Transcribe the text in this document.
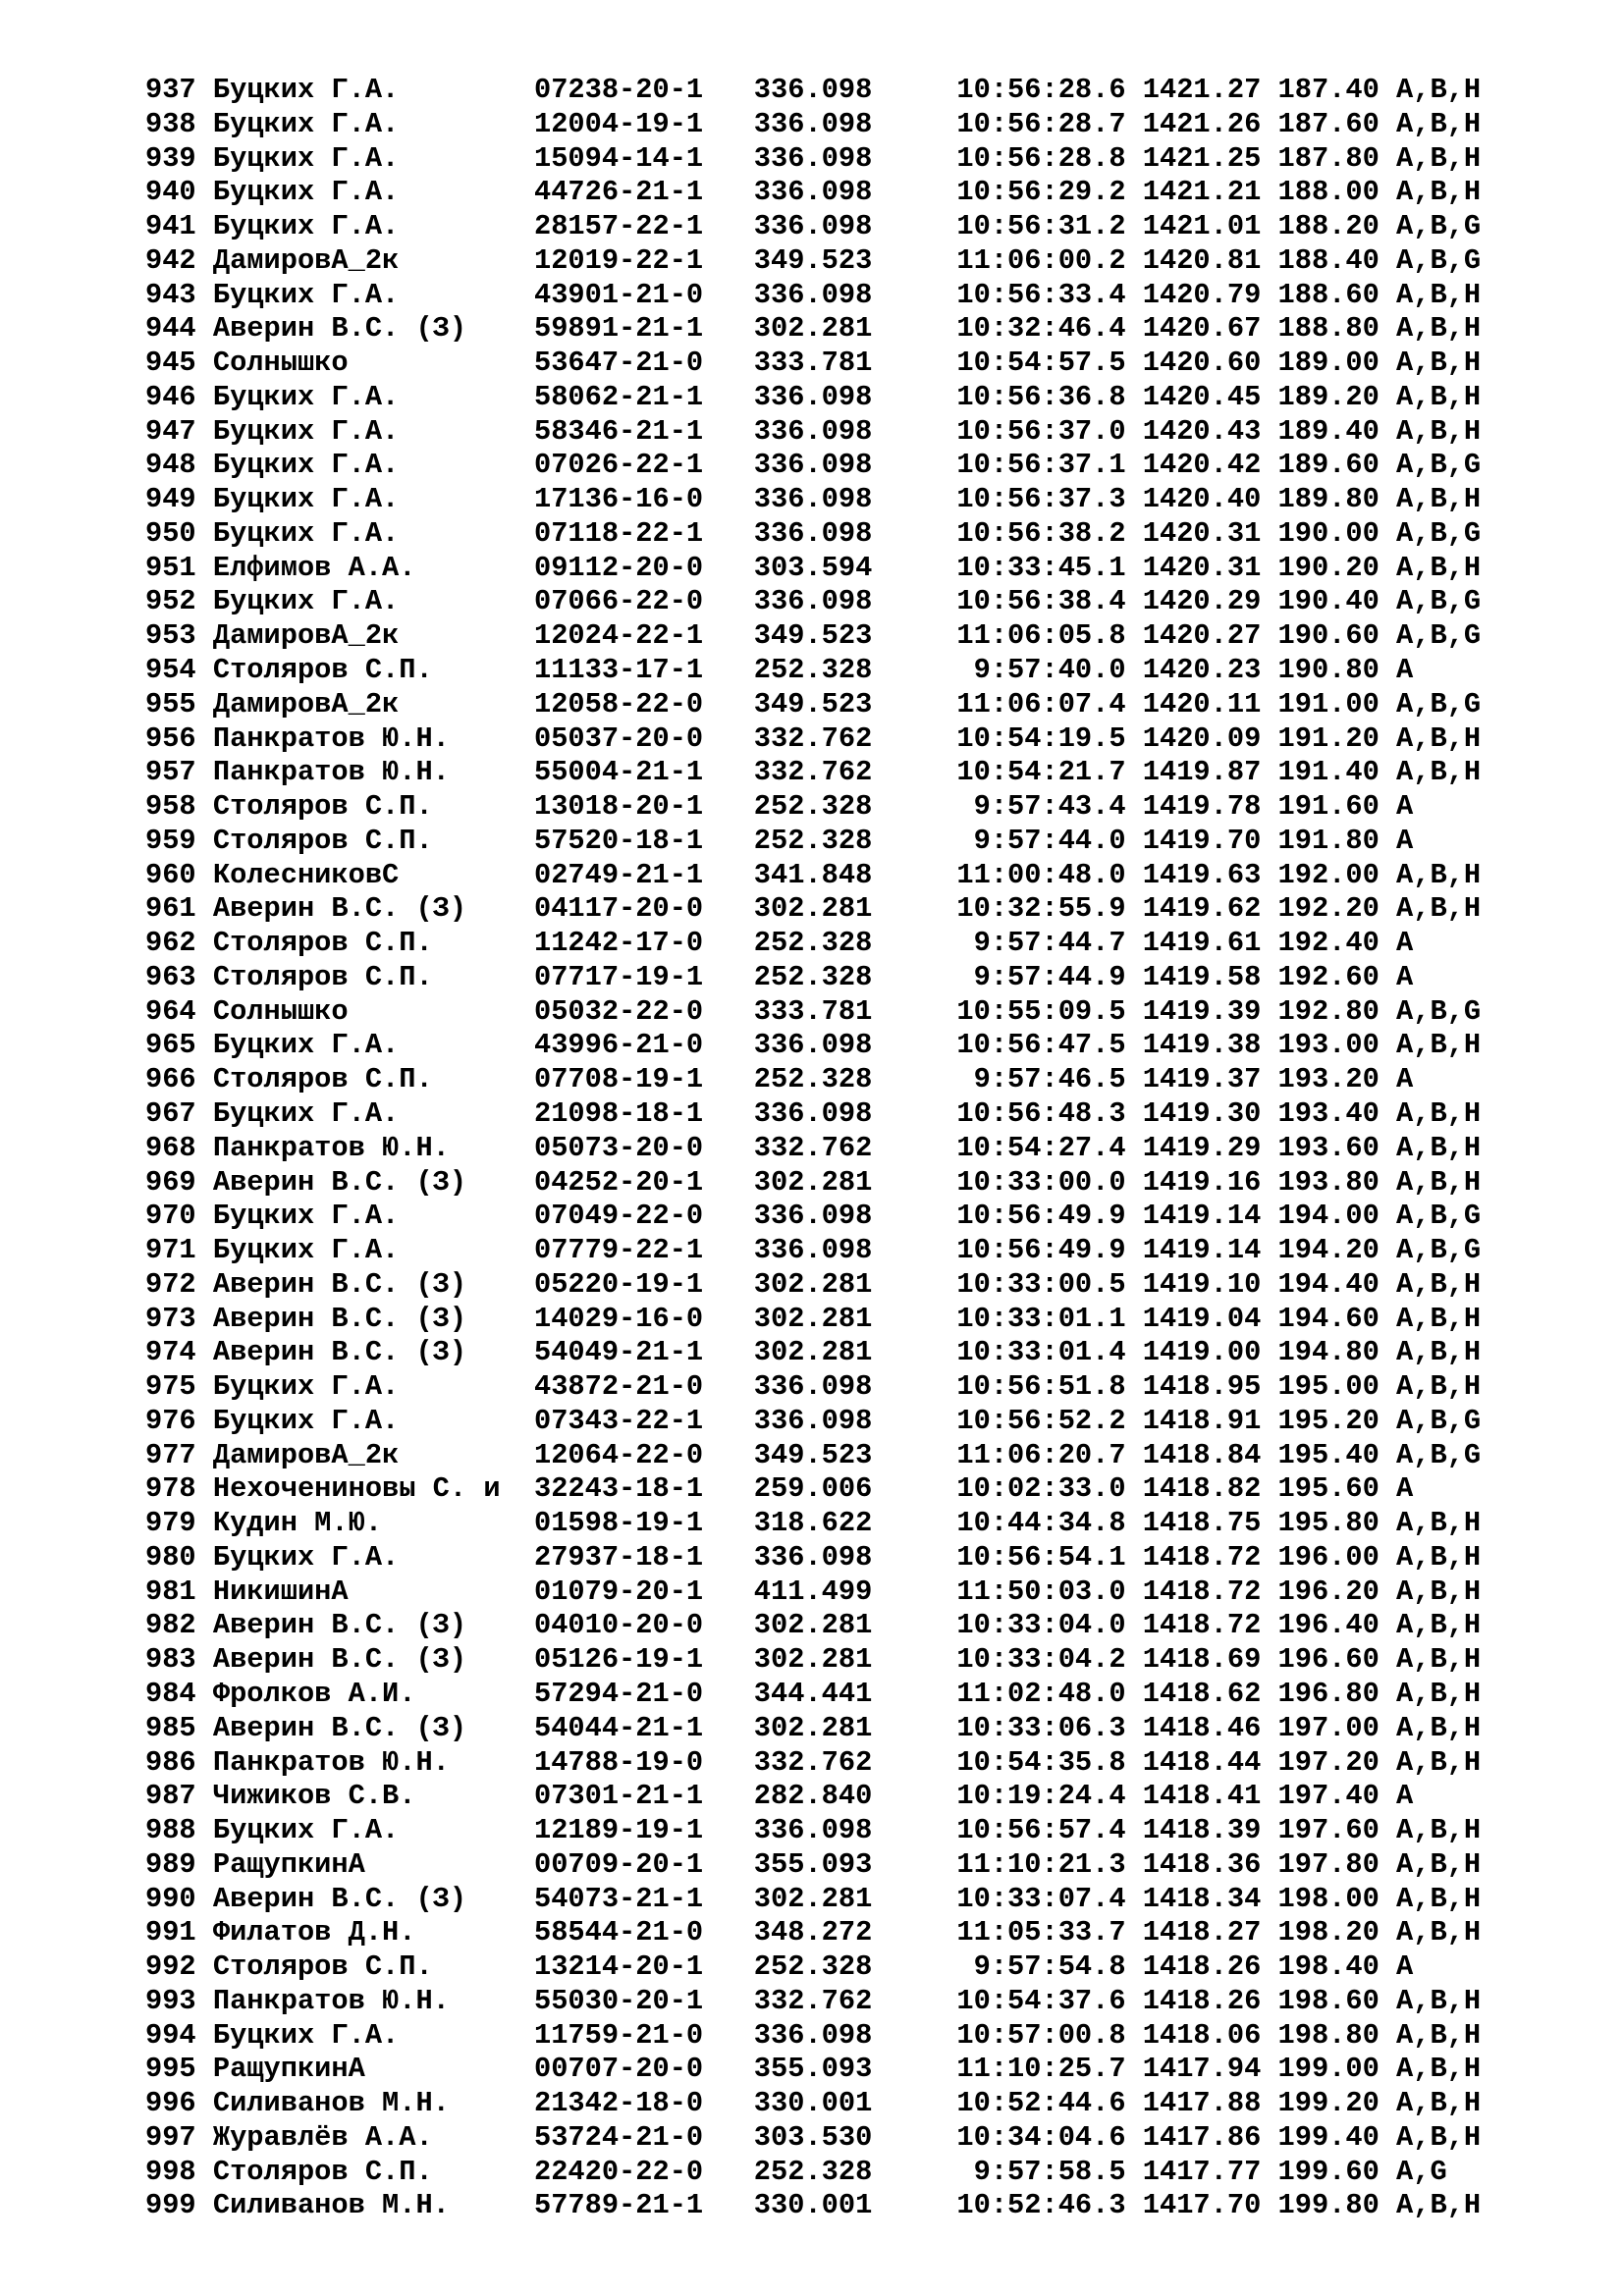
937 Буцких Г.А.        07238-20-1 336.098     10:56:28.6 1421.27 187.40 A,B,H
938 Буцких Г.А.        12004-19-1 336.098     10:56:28.7 1421.26 187.60 A,B,H
939 Буцких Г.А.        15094-14-1 336.098     10:56:28.8 1421.25 187.80 A,B,H
940 Буцких Г.А.        44726-21-1 336.098     10:56:29.2 1421.21 188.00 A,B,H
941 Буцких Г.А.        28157-22-1 336.098     10:56:31.2 1421.01 188.20 A,B,G
942 ДамировА_2к        12019-22-1 349.523     11:06:00.2 1420.81 188.40 A,B,G
943 Буцких Г.А.        43901-21-0 336.098     10:56:33.4 1420.79 188.60 A,B,H
944 Аверин В.С. (З)    59891-21-1 302.281     10:32:46.4 1420.67 188.80 A,B,H
945 Солнышко           53647-21-0 333.781     10:54:57.5 1420.60 189.00 A,B,H
946 Буцких Г.А.        58062-21-1 336.098     10:56:36.8 1420.45 189.20 A,B,H
947 Буцких Г.А.        58346-21-1 336.098     10:56:37.0 1420.43 189.40 A,B,H
948 Буцких Г.А.        07026-22-1 336.098     10:56:37.1 1420.42 189.60 A,B,G
949 Буцких Г.А.        17136-16-0 336.098     10:56:37.3 1420.40 189.80 A,B,H
950 Буцких Г.А.        07118-22-1 336.098     10:56:38.2 1420.31 190.00 A,B,G
951 Елфимов А.А.       09112-20-0 303.594     10:33:45.1 1420.31 190.20 A,B,H
952 Буцких Г.А.        07066-22-0 336.098     10:56:38.4 1420.29 190.40 A,B,G
953 ДамировА_2к        12024-22-1 349.523     11:06:05.8 1420.27 190.60 A,B,G
954 Столяров С.П.      11133-17-1 252.328      9:57:40.0 1420.23 190.80 A
955 ДамировА_2к        12058-22-0 349.523     11:06:07.4 1420.11 191.00 A,B,G
956 Панкратов Ю.Н.     05037-20-0 332.762     10:54:19.5 1420.09 191.20 A,B,H
957 Панкратов Ю.Н.     55004-21-1 332.762     10:54:21.7 1419.87 191.40 A,B,H
958 Столяров С.П.      13018-20-1 252.328      9:57:43.4 1419.78 191.60 A
959 Столяров С.П.      57520-18-1 252.328      9:57:44.0 1419.70 191.80 A
960 КолесниковС        02749-21-1 341.848     11:00:48.0 1419.63 192.00 A,B,H
961 Аверин В.С. (З)    04117-20-0 302.281     10:32:55.9 1419.62 192.20 A,B,H
962 Столяров С.П.      11242-17-0 252.328      9:57:44.7 1419.61 192.40 A
963 Столяров С.П.      07717-19-1 252.328      9:57:44.9 1419.58 192.60 A
964 Солнышко           05032-22-0 333.781     10:55:09.5 1419.39 192.80 A,B,G
965 Буцких Г.А.        43996-21-0 336.098     10:56:47.5 1419.38 193.00 A,B,H
966 Столяров С.П.      07708-19-1 252.328      9:57:46.5 1419.37 193.20 A
967 Буцких Г.А.        21098-18-1 336.098     10:56:48.3 1419.30 193.40 A,B,H
968 Панкратов Ю.Н.     05073-20-0 332.762     10:54:27.4 1419.29 193.60 A,B,H
969 Аверин В.С. (З)    04252-20-1 302.281     10:33:00.0 1419.16 193.80 A,B,H
970 Буцких Г.А.        07049-22-0 336.098     10:56:49.9 1419.14 194.00 A,B,G
971 Буцких Г.А.        07779-22-1 336.098     10:56:49.9 1419.14 194.20 A,B,G
972 Аверин В.С. (З)    05220-19-1 302.281     10:33:00.5 1419.10 194.40 A,B,H
973 Аверин В.С. (З)    14029-16-0 302.281     10:33:01.1 1419.04 194.60 A,B,H
974 Аверин В.С. (З)    54049-21-1 302.281     10:33:01.4 1419.00 194.80 A,B,H
975 Буцких Г.А.        43872-21-0 336.098     10:56:51.8 1418.95 195.00 A,B,H
976 Буцких Г.А.        07343-22-1 336.098     10:56:52.2 1418.91 195.20 A,B,G
977 ДамировА_2к        12064-22-0 349.523     11:06:20.7 1418.84 195.40 A,B,G
978 Нехочениновы С. и  32243-18-1 259.006     10:02:33.0 1418.82 195.60 A
979 Кудин М.Ю.         01598-19-1 318.622     10:44:34.8 1418.75 195.80 A,B,H
980 Буцких Г.А.        27937-18-1 336.098     10:56:54.1 1418.72 196.00 A,B,H
981 НикишинА           01079-20-1 411.499     11:50:03.0 1418.72 196.20 A,B,H
982 Аверин В.С. (З)    04010-20-0 302.281     10:33:04.0 1418.72 196.40 A,B,H
983 Аверин В.С. (З)    05126-19-1 302.281     10:33:04.2 1418.69 196.60 A,B,H
984 Фролков А.И.       57294-21-0 344.441     11:02:48.0 1418.62 196.80 A,B,H
985 Аверин В.С. (З)    54044-21-1 302.281     10:33:06.3 1418.46 197.00 A,B,H
986 Панкратов Ю.Н.     14788-19-0 332.762     10:54:35.8 1418.44 197.20 A,B,H
987 Чижиков С.В.       07301-21-1 282.840     10:19:24.4 1418.41 197.40 A
988 Буцких Г.А.        12189-19-1 336.098     10:56:57.4 1418.39 197.60 A,B,H
989 РащупкинА          00709-20-1 355.093     11:10:21.3 1418.36 197.80 A,B,H
990 Аверин В.С. (З)    54073-21-1 302.281     10:33:07.4 1418.34 198.00 A,B,H
991 Филатов Д.Н.       58544-21-0 348.272     11:05:33.7 1418.27 198.20 A,B,H
992 Столяров С.П.      13214-20-1 252.328      9:57:54.8 1418.26 198.40 A
993 Панкратов Ю.Н.     55030-20-1 332.762     10:54:37.6 1418.26 198.60 A,B,H
994 Буцких Г.А.        11759-21-0 336.098     10:57:00.8 1418.06 198.80 A,B,H
995 РащупкинА          00707-20-0 355.093     11:10:25.7 1417.94 199.00 A,B,H
996 Силиванов М.Н.     21342-18-0 330.001     10:52:44.6 1417.88 199.20 A,B,H
997 Журавлёв А.А.      53724-21-0 303.530     10:34:04.6 1417.86 199.40 A,B,H
998 Столяров С.П.      22420-22-0 252.328      9:57:58.5 1417.77 199.60 A,G
999 Силиванов М.Н.     57789-21-1 330.001     10:52:46.3 1417.70 199.80 A,B,H
